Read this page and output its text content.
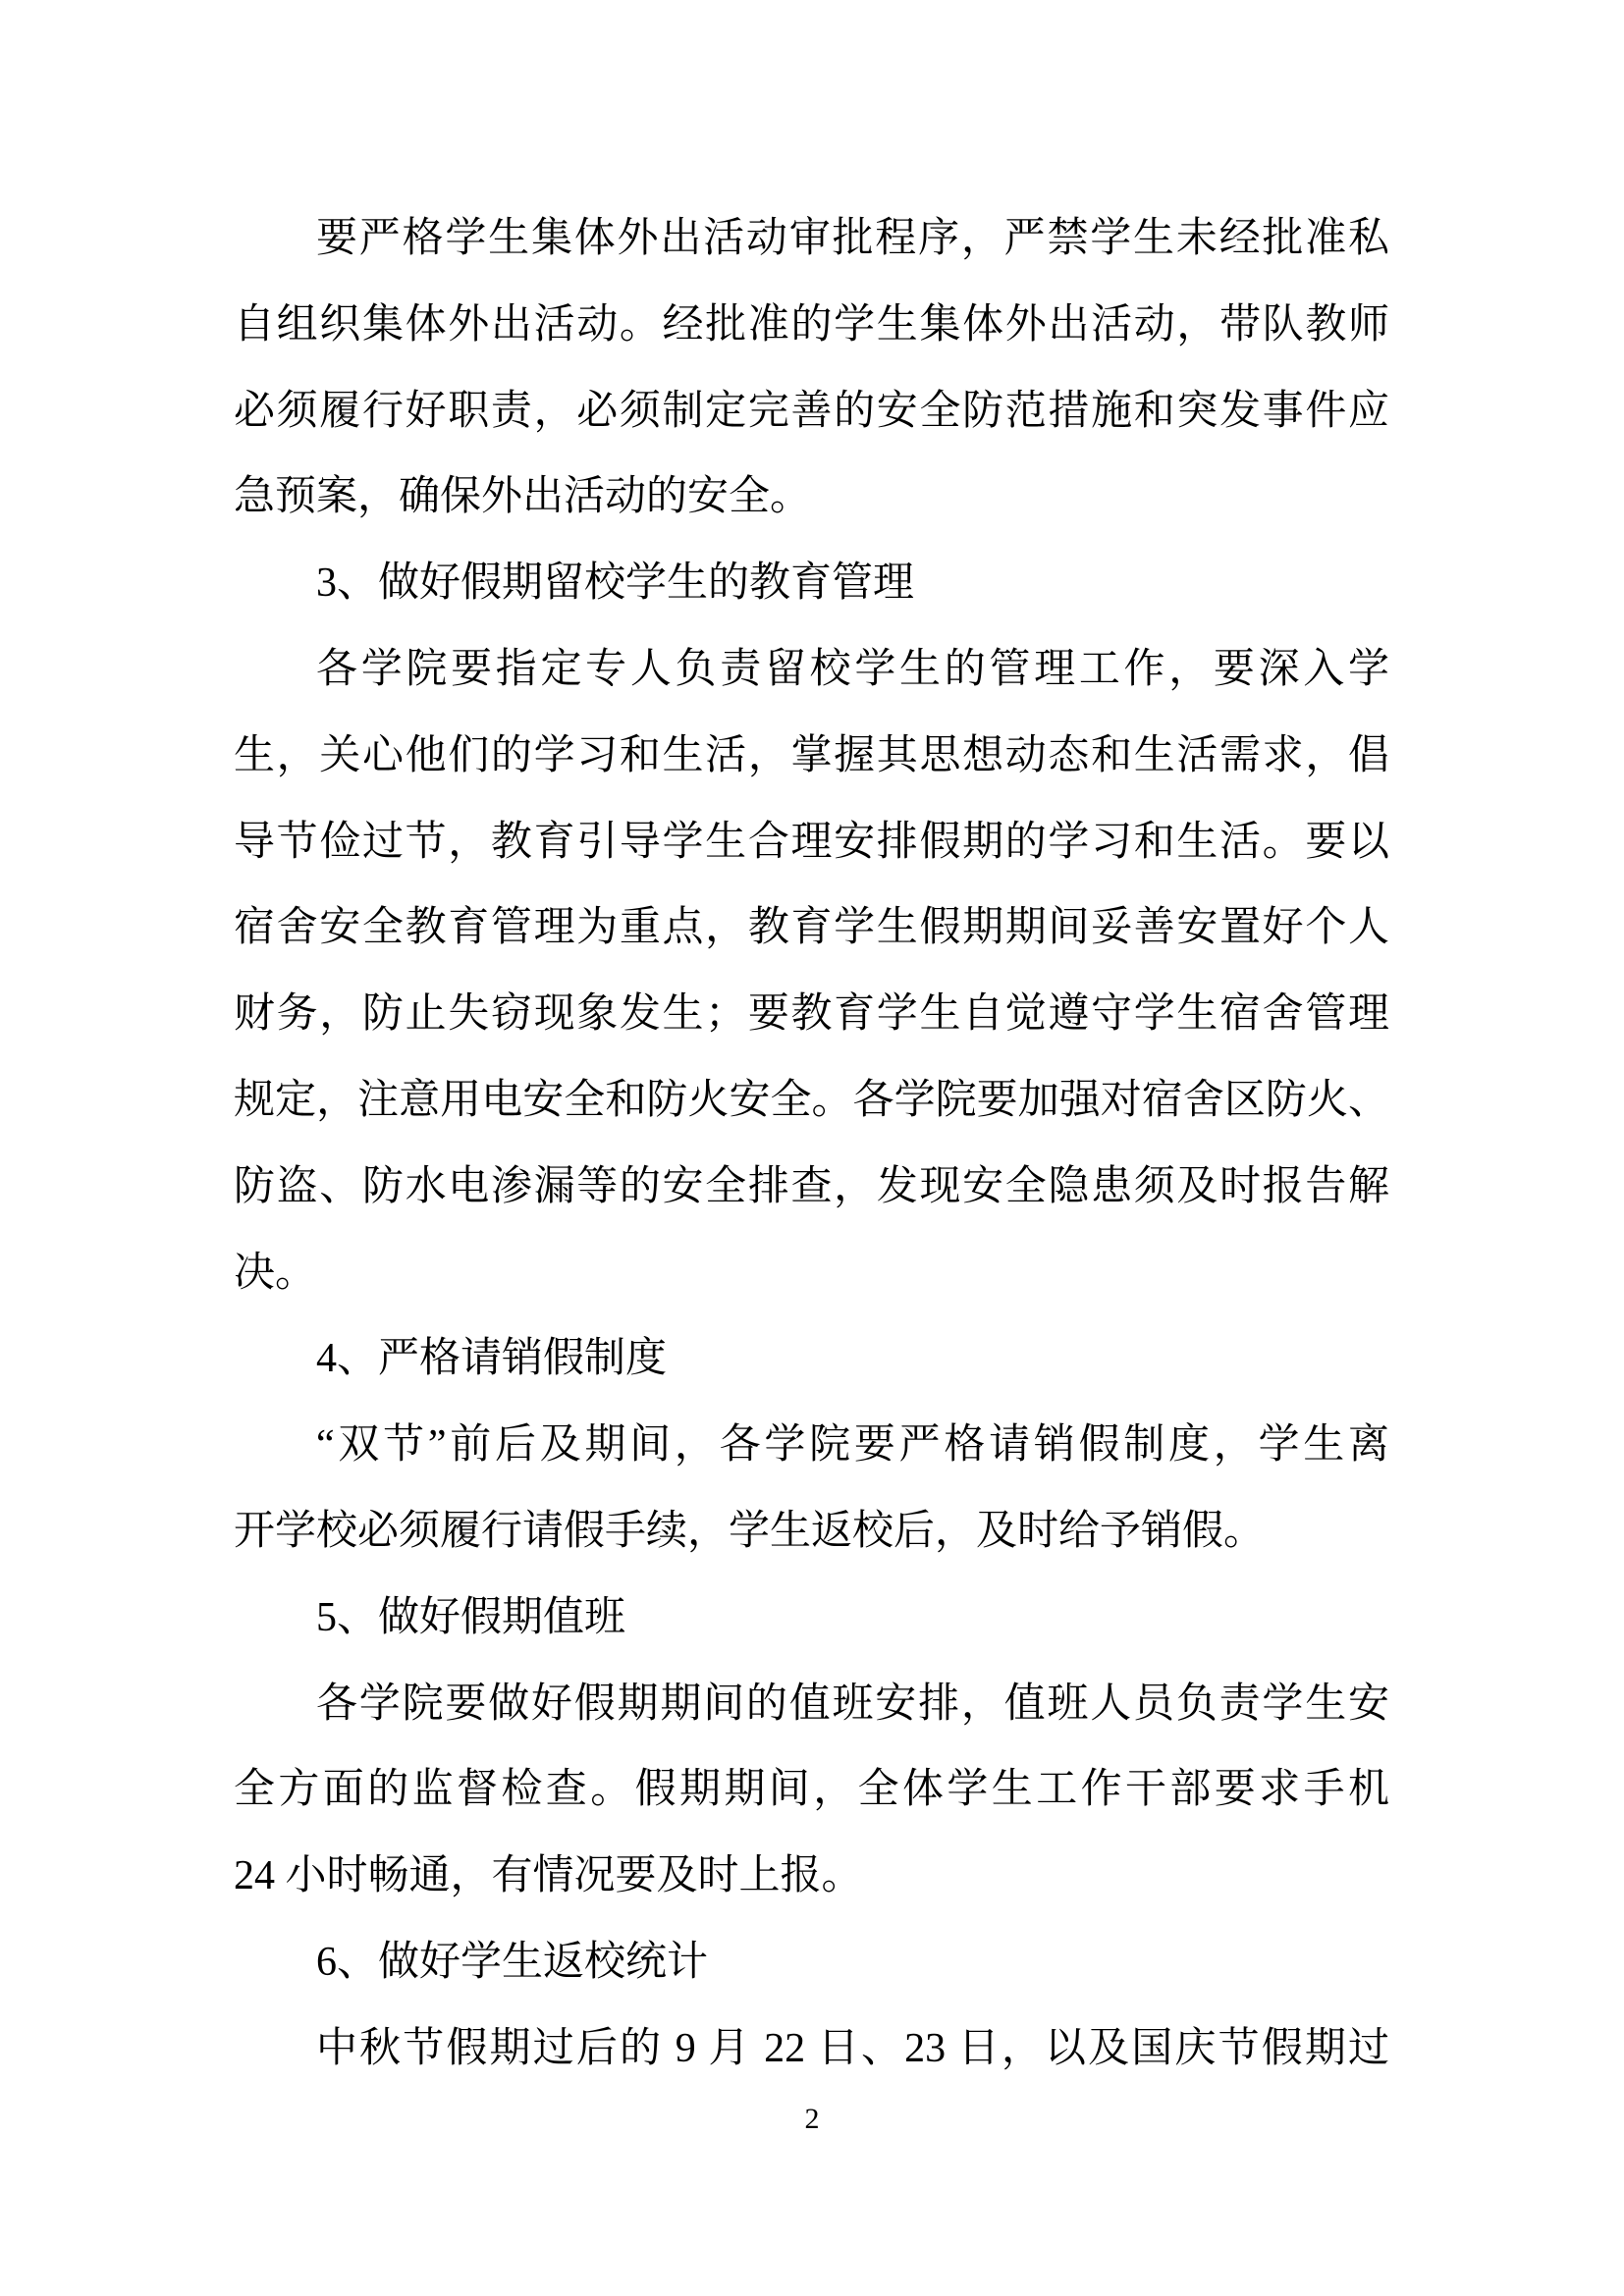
要严格学生集体外出活动审批程序，严禁学生未经批准私
自组织集体外出活动。经批准的学生集体外出活动，带队教师
必须履行好职责，必须制定完善的安全防范措施和突发事件应
急预案，确保外出活动的安全。
3、做好假期留校学生的教育管理
各学院要指定专人负责留校学生的管理工作，要深入学
生，关心他们的学习和生活，掌握其思想动态和生活需求，倡
导节俭过节，教育引导学生合理安排假期的学习和生活。要以
宿舍安全教育管理为重点，教育学生假期期间妥善安置好个人
财务，防止失窃现象发生；要教育学生自觉遵守学生宿舍管理
规定，注意用电安全和防火安全。各学院要加强对宿舍区防火、
防盗、防水电渗漏等的安全排查，发现安全隐患须及时报告解
决。
4、严格请销假制度
“双节”前后及期间，各学院要严格请销假制度，学生离
开学校必须履行请假手续，学生返校后，及时给予销假。
5、做好假期值班
各学院要做好假期期间的值班安排，值班人员负责学生安
全方面的监督检查。假期期间，全体学生工作干部要求手机
24 小时畅通，有情况要及时上报。
6、做好学生返校统计
中秋节假期过后的 9 月 22 日、23 日，以及国庆节假期过
2
